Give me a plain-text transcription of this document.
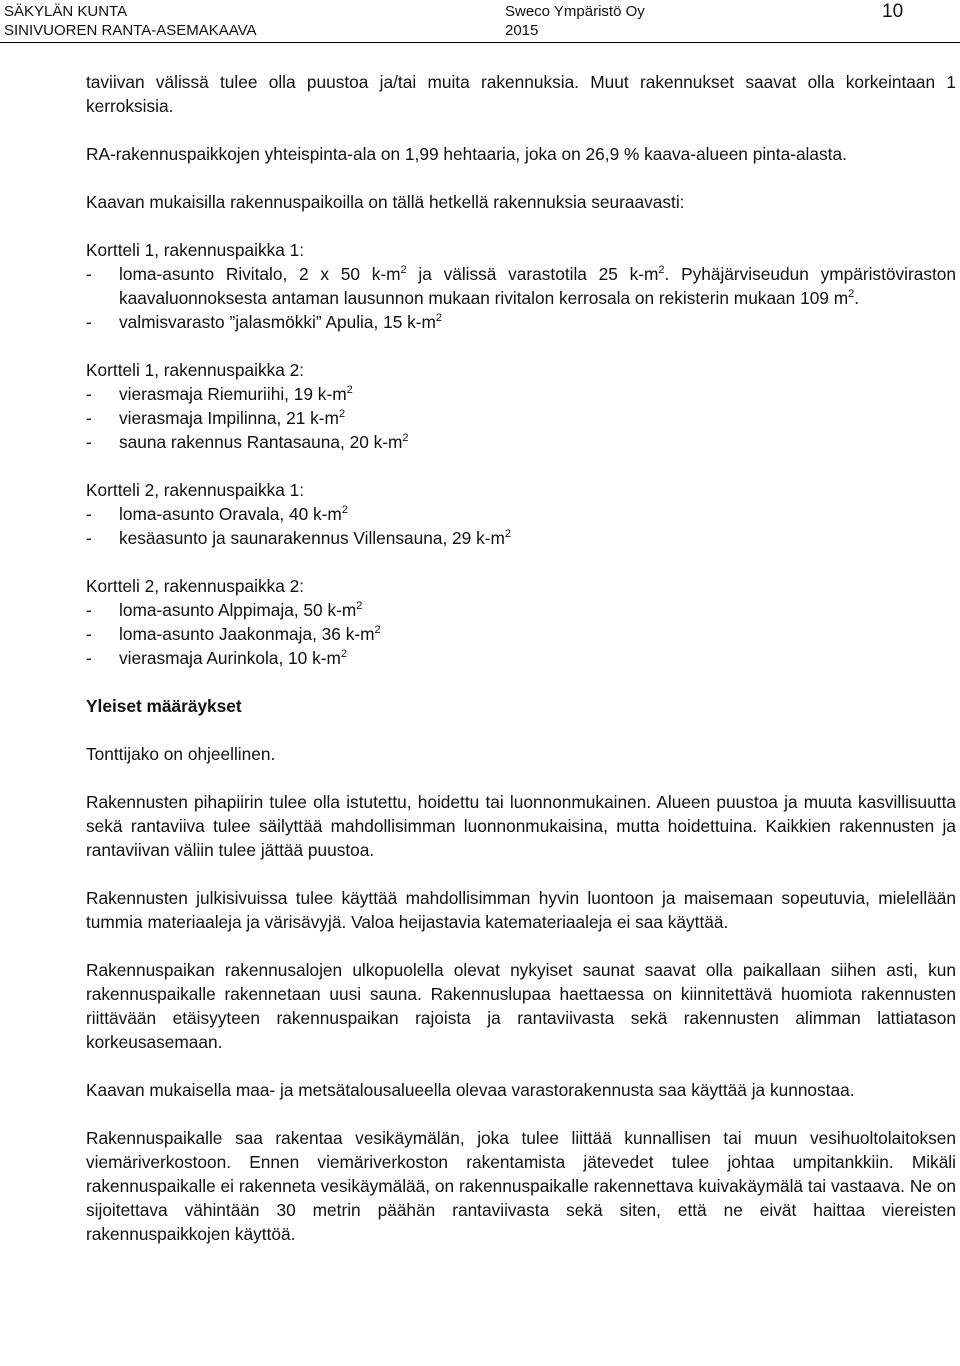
SÄKYLÄN KUNTA
SINIVUOREN RANTA-ASEMAKAAVA
Sweco Ympäristö Oy
2015
10

taviivan välissä tulee olla puustoa ja/tai muita rakennuksia. Muut rakennukset saavat olla korkeintaan 1 kerroksisia.

RA-rakennuspaikkojen yhteispinta-ala on 1,99 hehtaaria, joka on 26,9 % kaava-alueen pinta-alasta.

Kaavan mukaisilla rakennuspaikoilla on tällä hetkellä rakennuksia seuraavasti:

Kortteli 1, rakennuspaikka 1:
-	loma-asunto Rivitalo, 2 x 50 $k-m^2$ ja välissä varastotila 25 $k-m^2$. Pyhäjärviseudun ympäristöviraston kaavaluonnoksesta antaman lausunnon mukaan rivitalon kerrosala on rekisterin mukaan 109 $m^2$.
-	valmisvarasto ”jalasmökki” Apulia, 15 $k-m^2$
Kortteli 1, rakennuspaikka 2:
-	vierasmaja Riemuriihi, 19 $k-m^2$
-	vierasmaja Impilinna, 21 $k-m^2$
-	sauna rakennus Rantasauna, 20 $k-m^2$
Kortteli 2, rakennuspaikka 1:
-	loma-asunto Oravala, 40 $k-m^2$
-	kesäasunto ja saunarakennus Villensauna, 29 $k-m^2$
Kortteli 2, rakennuspaikka 2:
-	loma-asunto Alppimaja, 50 $k-m^2$
-	loma-asunto Jaakonmaja, 36 $k-m^2$
-	vierasmaja Aurinkola, 10 $k-m^2$
Yleiset määräykset

Tonttijako on ohjeellinen.

Rakennusten pihapiirin tulee olla istutettu, hoidettu tai luonnonmukainen. Alueen puustoa ja muuta kasvillisuutta sekä rantaviiva tulee säilyttää mahdollisimman luonnonmukaisina, mutta hoidettuina. Kaikkien rakennusten ja rantaviivan väliin tulee jättää puustoa.

Rakennusten julkisivuissa tulee käyttää mahdollisimman hyvin luontoon ja maisemaan sopeutuvia, mielellään tummia materiaaleja ja värisävyjä. Valoa heijastavia katemateriaaleja ei saa käyttää.

Rakennuspaikan rakennusalojen ulkopuolella olevat nykyiset saunat saavat olla paikallaan siihen asti, kun rakennuspaikalle rakennetaan uusi sauna. Rakennuslupaa haettaessa on kiinnitettävä huomiota rakennusten riittävään etäisyyteen rakennuspaikan rajoista ja rantaviivasta sekä rakennusten alimman lattiatason korkeusasemaan.

Kaavan mukaisella maa- ja metsätalousalueella olevaa varastorakennusta saa käyttää ja kunnostaa.

Rakennuspaikalle saa rakentaa vesikäymälän, joka tulee liittää kunnallisen tai muun vesihuoltolaitoksen viemäriverkostoon. Ennen viemäriverkoston rakentamista jätevedet tulee johtaa umpitankkiin. Mikäli rakennuspaikalle ei rakenneta vesikäymälää, on rakennuspaikalle rakennettava kuivakäymälä tai vastaava. Ne on sijoitettava vähintään 30 metrin päähän rantaviivasta sekä siten, että ne eivät haittaa viereisten rakennuspaikkojen käyttöä.
